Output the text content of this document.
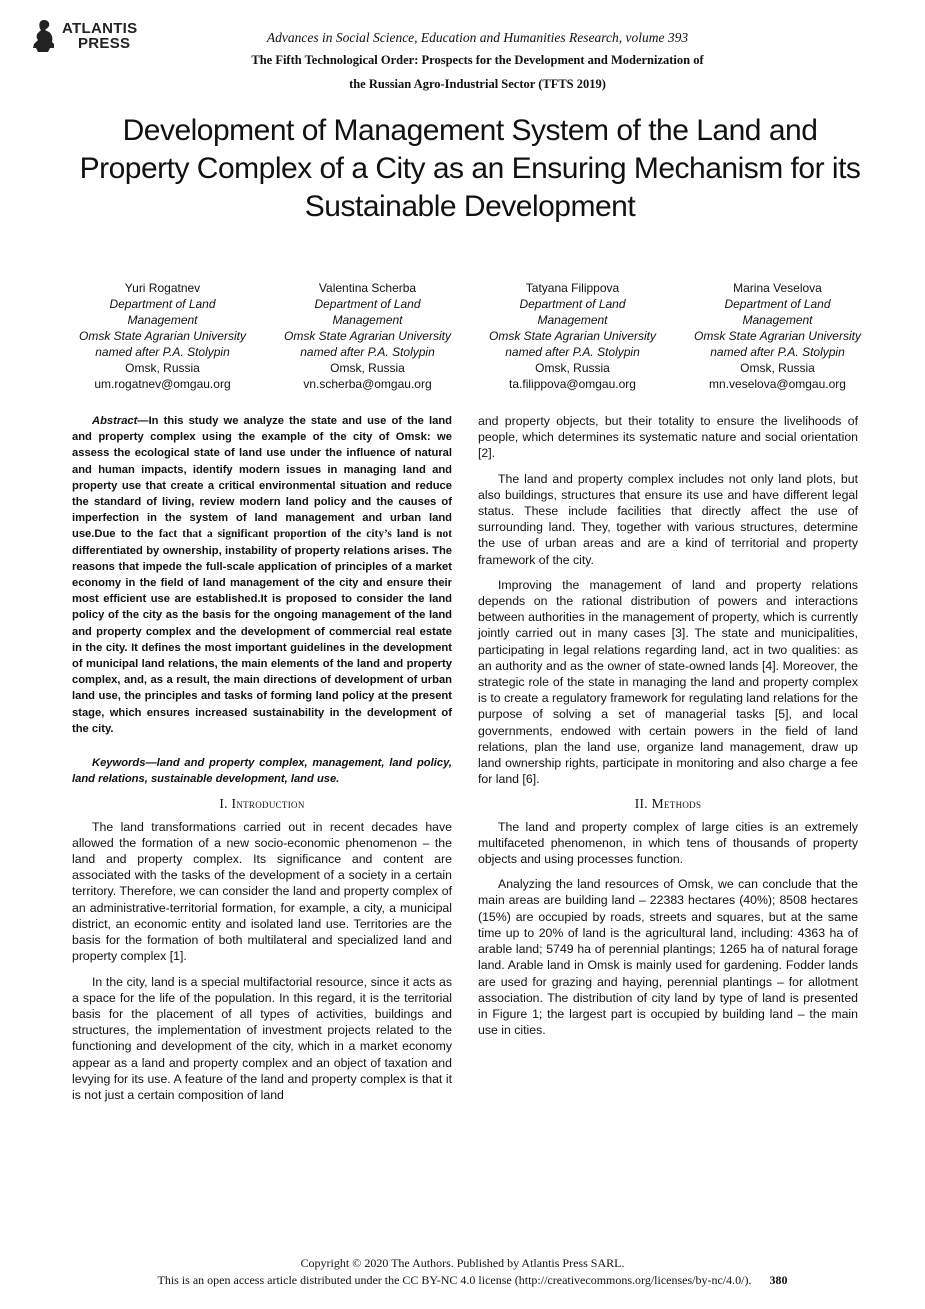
ATLANTIS
PRESS	Advances in Social Science, Education and Humanities Research, volume 393
The Fifth Technological Order: Prospects for the Development and Modernization of
the Russian Agro-Industrial Sector (TFTS 2019)
Development of Management System of the Land and Property Complex of a City as an Ensuring Mechanism for its Sustainable Development
Yuri Rogatnev
Department of Land
Management
Omsk State Agrarian University
named after P.A. Stolypin
Omsk, Russia
um.rogatnev@omgau.org
Valentina Scherba
Department of Land
Management
Omsk State Agrarian University
named after P.A. Stolypin
Omsk, Russia
vn.scherba@omgau.org
Tatyana Filippova
Department of Land
Management
Omsk State Agrarian University
named after P.A. Stolypin
Omsk, Russia
ta.filippova@omgau.org
Marina Veselova
Department of Land
Management
Omsk State Agrarian University
named after P.A. Stolypin
Omsk, Russia
mn.veselova@omgau.org

Abstract—In this study we analyze the state and use of the land and property complex using the example of the city of Omsk: we assess the ecological state of land use under the influence of natural and human impacts, identify modern issues in managing land and property use that create a critical environmental situation and reduce the standard of living, review modern land policy and the causes of imperfection in the system of land management and urban land use.Due to the fact that a significant proportion of the city’s land is not differentiated by ownership, instability of property relations arises. The reasons that impede the full-scale application of principles of a market economy in the field of land management of the city and ensure their most efficient use are established.It is proposed to consider the land policy of the city as the basis for the ongoing management of the land and property complex and the development of commercial real estate in the city. It defines the most important guidelines in the development of municipal land relations, the main elements of the land and property complex, and, as a result, the main directions of development of urban land use, the principles and tasks of forming land policy at the present stage, which ensures increased sustainability in the development of the city.

Keywords—land and property complex, management, land policy, land relations, sustainable development, land use.

I. Introduction

The land transformations carried out in recent decades have allowed the formation of a new socio-economic phenomenon – the land and property complex. Its significance and content are associated with the tasks of the development of a society in a certain territory. Therefore, we can consider the land and property complex of an administrative-territorial formation, for example, a city, a municipal district, an economic entity and isolated land use. Territories are the basis for the formation of both multilateral and specialized land and property complex [1].

In the city, land is a special multifactorial resource, since it acts as a space for the life of the population. In this regard, it is the territorial basis for the placement of all types of activities, buildings and structures, the implementation of investment projects related to the functioning and development of the city, which in a market economy appear as a land and property complex and an object of taxation and levying for its use. A feature of the land and property complex is that it is not just a certain composition of land

and property objects, but their totality to ensure the livelihoods of people, which determines its systematic nature and social orientation [2].

The land and property complex includes not only land plots, but also buildings, structures that ensure its use and have different legal status. These include facilities that directly affect the use of surrounding land. They, together with various structures, determine the use of urban areas and are a kind of territorial and property framework of the city.

Improving the management of land and property relations depends on the rational distribution of powers and interactions between authorities in the management of property, which is currently jointly carried out in many cases [3]. The state and municipalities, participating in legal relations regarding land, act in two qualities: as an authority and as the owner of state-owned lands [4]. Moreover, the strategic role of the state in managing the land and property complex is to create a regulatory framework for regulating land relations for the purpose of solving a set of managerial tasks [5], and local governments, endowed with certain powers in the field of land relations, plan the land use, organize land management, draw up land ownership rights, participate in monitoring and also charge a fee for land [6].

II. Methods

The land and property complex of large cities is an extremely multifaceted phenomenon, in which tens of thousands of property objects and using processes function.

Analyzing the land resources of Omsk, we can conclude that the main areas are building land – 22383 hectares (40%); 8508 hectares (15%) are occupied by roads, streets and squares, but at the same time up to 20% of land is the agricultural land, including: 4363 ha of arable land; 5749 ha of perennial plantings; 1265 ha of natural forage land. Arable land in Omsk is mainly used for gardening. Fodder lands are used for grazing and haying, perennial plantings – for allotment association. The distribution of city land by type of land is presented in Figure 1; the largest part is occupied by building land – the main use in cities.

Copyright © 2020 The Authors. Published by Atlantis Press SARL.
This is an open access article distributed under the CC BY-NC 4.0 license (http://creativecommons.org/licenses/by-nc/4.0/). 380
